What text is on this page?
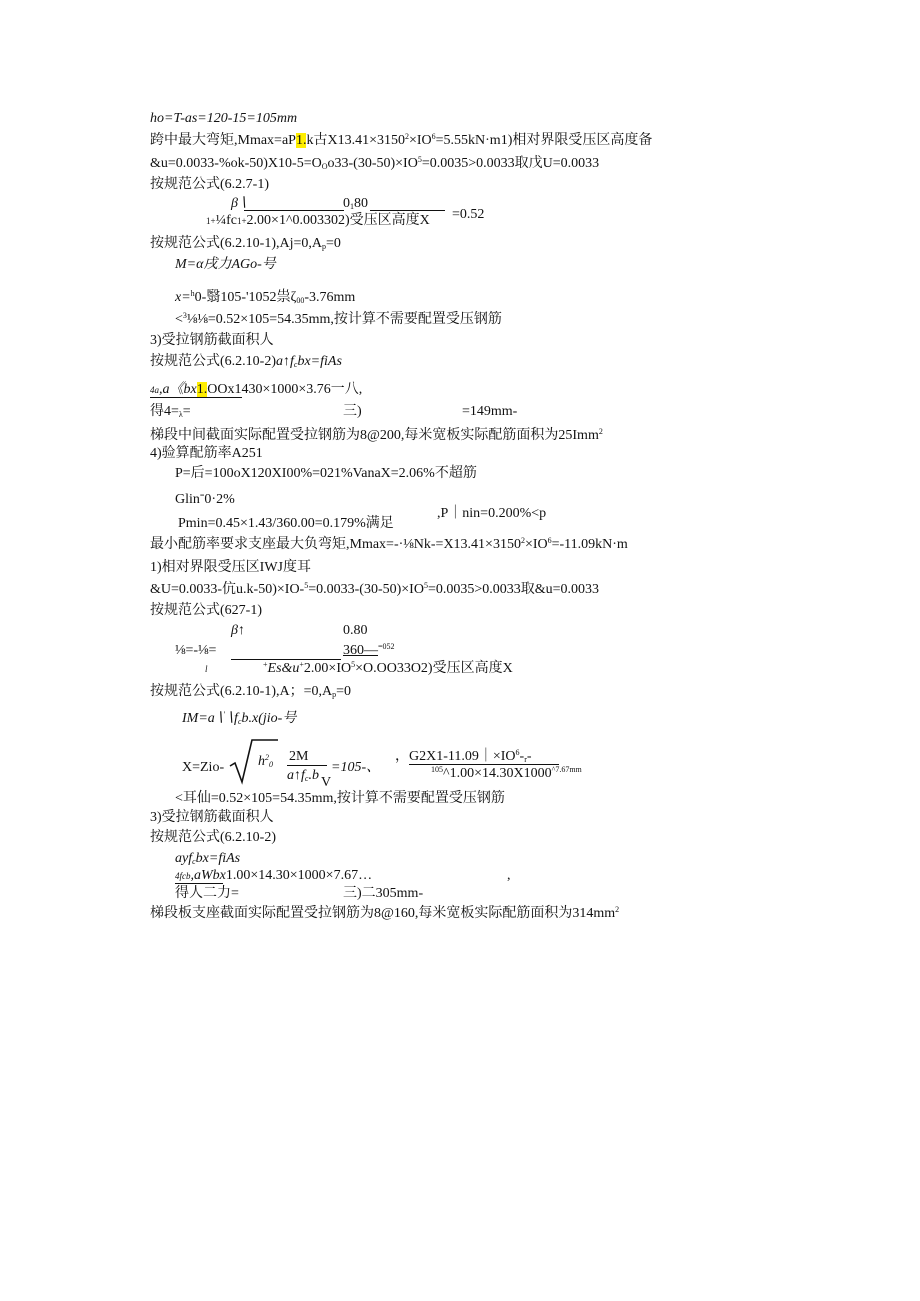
ho=T-as=120-15=105mm
跨中最大弯矩,Mmax=aP1.k古$X13.41\times 3150^2\times IO^6=5.55kN\cdot m1$)相对界限受压区高度备
$\&u=0.0033-\%ok-50)X10-5=O_Oo33-(30-50)\times IO^5=0.0035>0.0033$取戊U=0.0033
按规范公式(6.2.7-1)
β∖	$0_180$
1+¼fc1+2.00×1^0.003302)受压区高度X =0.52
按规范公式$(6.2.10-1),Aj=0,A_p=0$
M=α戌力AGo-号
x=$^h$0-翳105-'1052祟$\zeta_{00}-3.76mm$
<$^3$⅛⅛=0.52×105=54.35mm,按计算不需要配置受压钢筋
3)受拉钢筋截面积人
按规范公式$(6.2.10-2)a↑f_cbx=fiAs$
4a,a《bx1.OOx1430×1000×3.76一八,
得$4=_\lambda=$	三)	=149mm-
梯段中间截面实际配置受拉钢筋为8@200,每米宽板实际配筋面积为25Imm$^2$
4)验算配筋率A251
P=后=100oX120XI00%=021%VanaX=2.06%不超筋
Glin=0·2%
,P｜nin=0.200%<p
Pmin=0.45×1.43/360.00=0.179%满足
最小配筋率要求支座最大负弯矩$,Mmax=-\cdot\frac{1}{8}Nk-=X13.41\times 3150^2\times IO^6=-11.09kN\cdot m$
1)相对界限受压区IWJ度耳
&U=0.0033-伉$u.k-50)\times IO-^5=0.0033-(30-50)\times IO^5=0.0035>0.0033$取&u=0.0033
按规范公式(627-1)
β↑	0.80
⅛=-⅛=	360—$^{=052}$
l	$^+Es\&u^+2.00\times IO^5\times O.OO33O2$)受压区高度X
按规范公式(6.2.10-1),A；$=0,A_p=0$
$IM=a∖'∖f_cb.x(jio-$号
2M	，$G2X1-11.09|\times IO^6-_r-$
X=Zio- $h^2_0$	=105-、	$^{105}\^{}1.00\times 14.30X1000^{\^{}7.67mm}$
$a↑f_c.b$ V
<耳仙=0.52×105=54.35mm,按计算不需要配置受压钢筋
3)受拉钢筋截面积人
按规范公式(6.2.10-2)
ayf$_c$bx=fiAs
4fcb,aWbx1.00×14.30×1000×7.67…	,
得人二力=	三)二305mm-
梯段板支座截面实际配置受拉钢筋为8@160,每米宽板实际配筋面积为$314mm^2$
